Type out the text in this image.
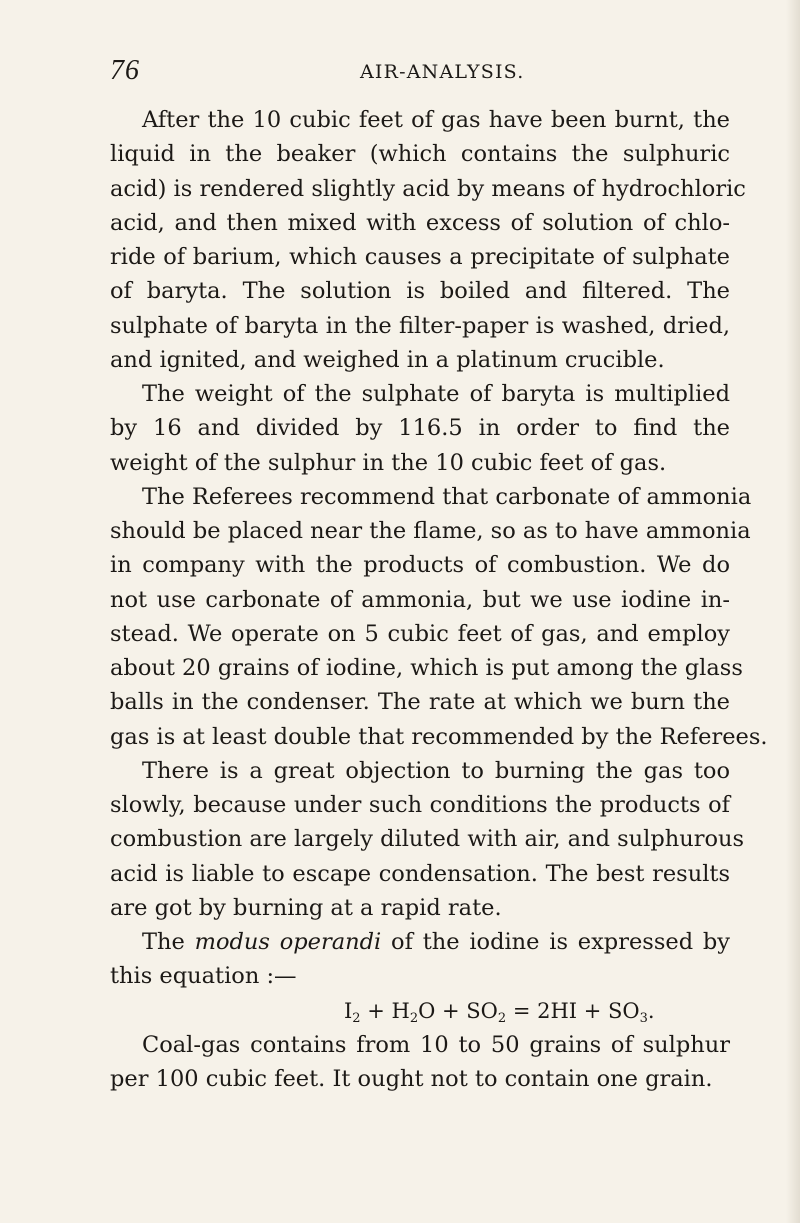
76	AIR-ANALYSIS.
After the 10 cubic feet of gas have been burnt, the
liquid in the beaker (which contains the sulphuric
acid) is rendered slightly acid by means of hydrochloric
acid, and then mixed with excess of solution of chlo-
ride of barium, which causes a precipitate of sulphate
of baryta. The solution is boiled and filtered. The
sulphate of baryta in the filter-paper is washed, dried,
and ignited, and weighed in a platinum crucible.
The weight of the sulphate of baryta is multiplied
by 16 and divided by 116.5 in order to find the
weight of the sulphur in the 10 cubic feet of gas.
The Referees recommend that carbonate of ammonia
should be placed near the flame, so as to have ammonia
in company with the products of combustion. We do
not use carbonate of ammonia, but we use iodine in-
stead. We operate on 5 cubic feet of gas, and employ
about 20 grains of iodine, which is put among the glass
balls in the condenser. The rate at which we burn the
gas is at least double that recommended by the Referees.
There is a great objection to burning the gas too
slowly, because under such conditions the products of
combustion are largely diluted with air, and sulphurous
acid is liable to escape condensation. The best results
are got by burning at a rapid rate.
The modus operandi of the iodine is expressed by
this equation :—
$I_2 + H_2O + SO_2 = 2HI + SO_3$.
Coal-gas contains from 10 to 50 grains of sulphur
per 100 cubic feet. It ought not to contain one grain.
